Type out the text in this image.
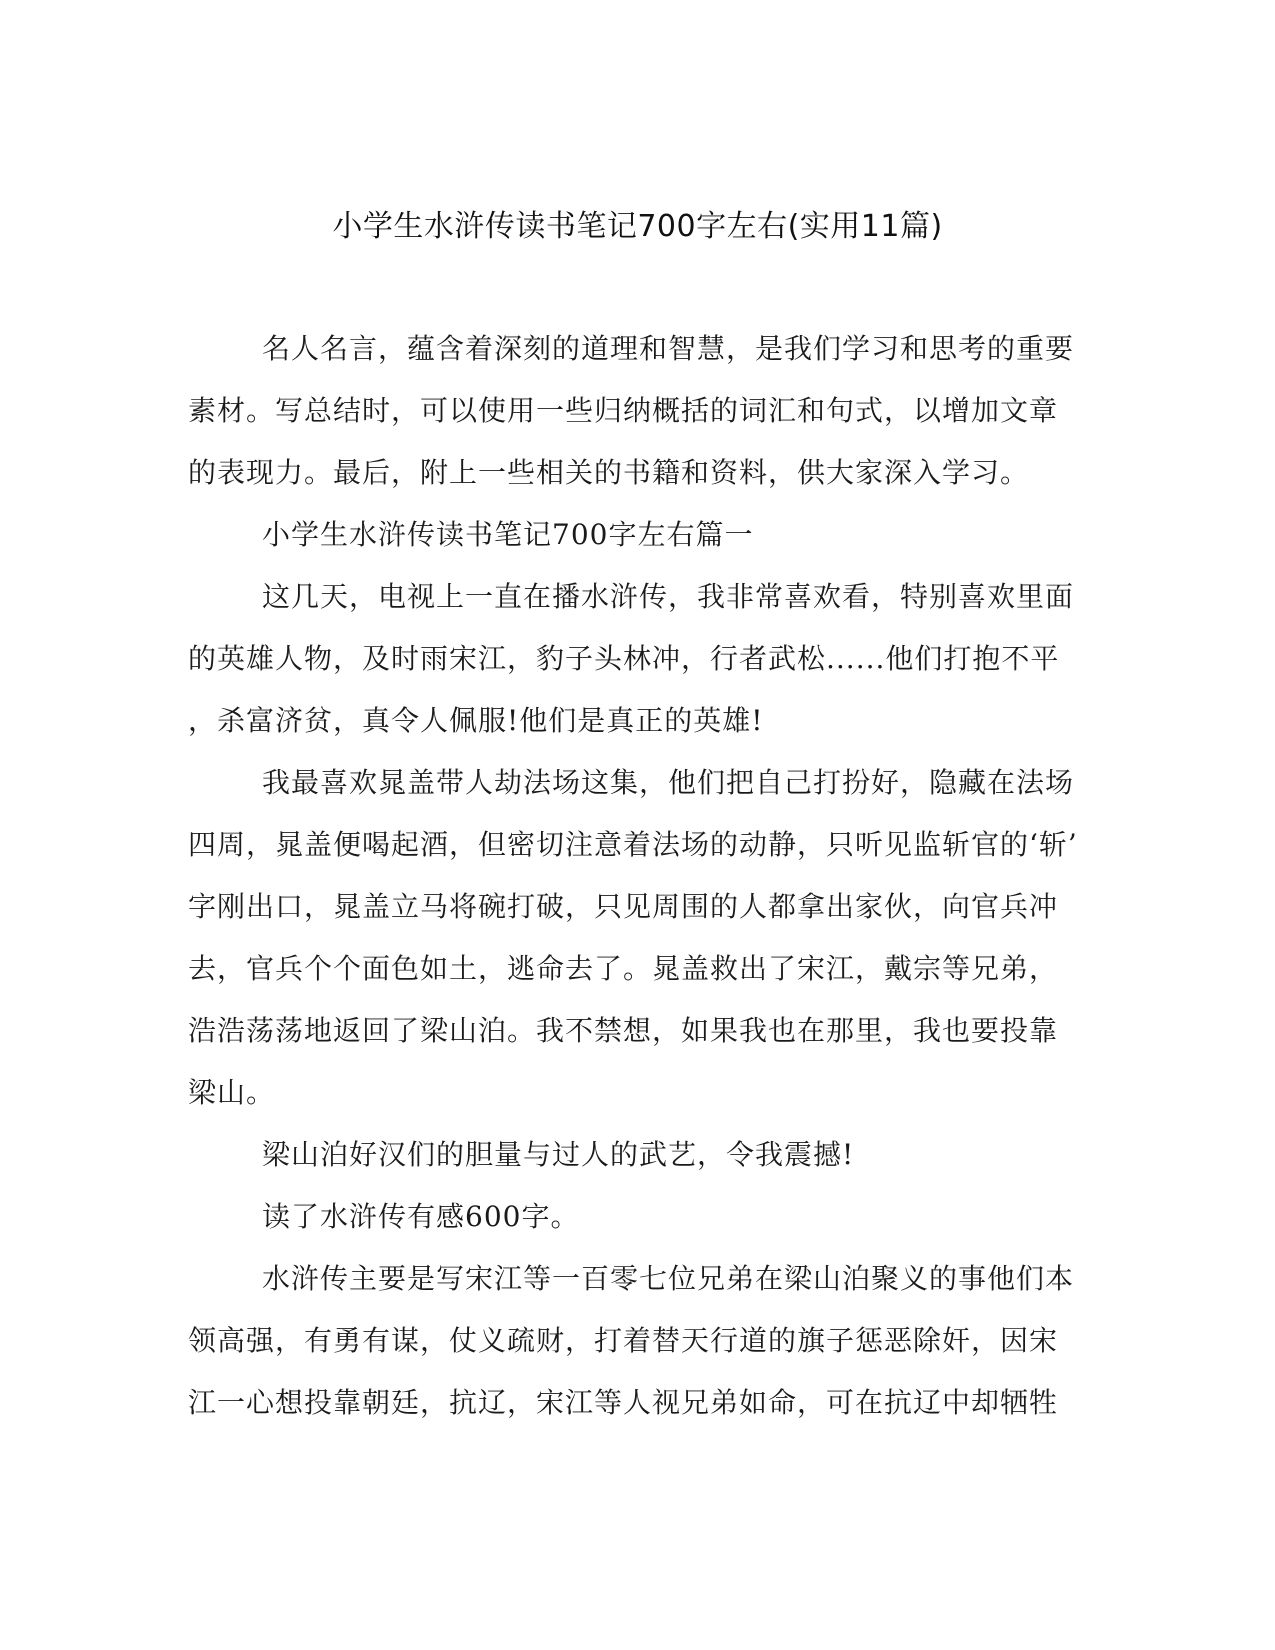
小学生水浒传读书笔记700字左右(实用11篇)
名人名言，蕴含着深刻的道理和智慧，是我们学习和思考的重要
素材。写总结时，可以使用一些归纳概括的词汇和句式，以增加文章
的表现力。最后，附上一些相关的书籍和资料，供大家深入学习。
小学生水浒传读书笔记700字左右篇一
这几天，电视上一直在播水浒传，我非常喜欢看，特别喜欢里面
的英雄人物，及时雨宋江，豹子头林冲，行者武松......他们打抱不平
，杀富济贫，真令人佩服!他们是真正的英雄!
我最喜欢晁盖带人劫法场这集，他们把自己打扮好，隐藏在法场
四周，晁盖便喝起酒，但密切注意着法场的动静，只听见监斩官的‘斩’
字刚出口，晁盖立马将碗打破，只见周围的人都拿出家伙，向官兵冲
去，官兵个个面色如土，逃命去了。晁盖救出了宋江，戴宗等兄弟，
浩浩荡荡地返回了梁山泊。我不禁想，如果我也在那里，我也要投靠
梁山。
梁山泊好汉们的胆量与过人的武艺，令我震撼!
读了水浒传有感600字。
水浒传主要是写宋江等一百零七位兄弟在梁山泊聚义的事他们本
领高强，有勇有谋，仗义疏财，打着替天行道的旗子惩恶除奸，因宋
江一心想投靠朝廷，抗辽，宋江等人视兄弟如命，可在抗辽中却牺牲
